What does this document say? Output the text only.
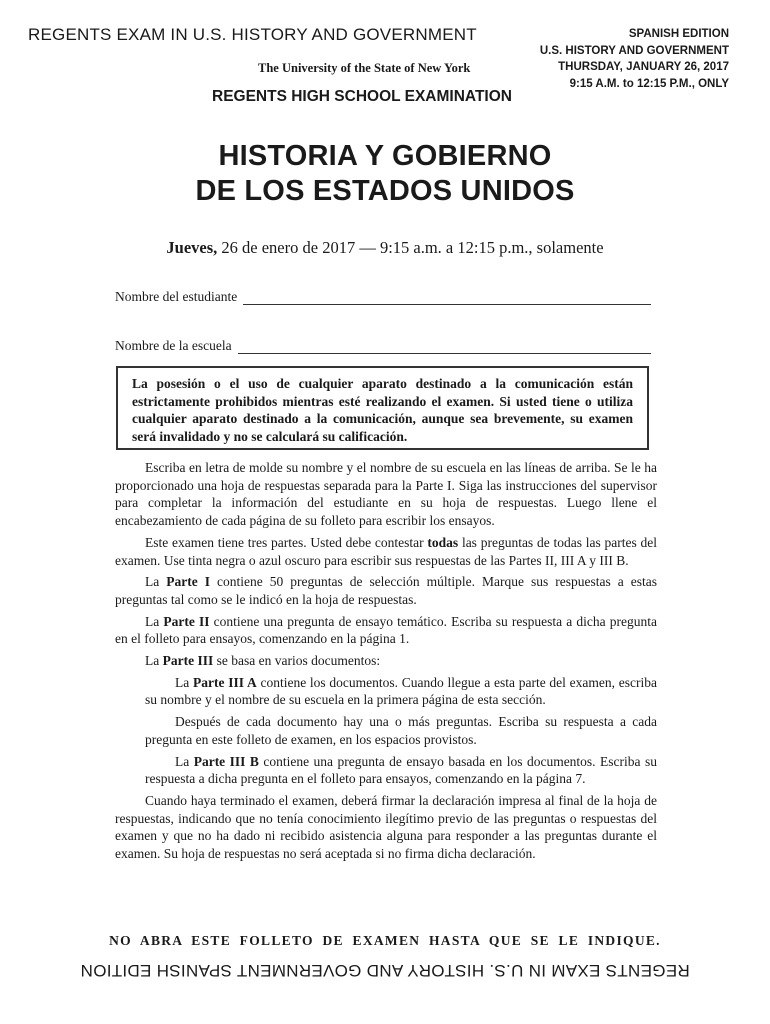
REGENTS EXAM IN U.S. HISTORY AND GOVERNMENT	SPANISH EDITION
U.S. HISTORY AND GOVERNMENT
THURSDAY, JANUARY 26, 2017
9:15 A.M. to 12:15 P.M., ONLY
The University of the State of New York
REGENTS HIGH SCHOOL EXAMINATION
HISTORIA Y GOBIERNO
DE LOS ESTADOS UNIDOS
Jueves, 26 de enero de 2017 — 9:15 a.m. a 12:15 p.m., solamente
Nombre del estudiante
Nombre de la escuela
La posesión o el uso de cualquier aparato destinado a la comunicación están estrictamente prohibidos mientras esté realizando el examen. Si usted tiene o utiliza cualquier aparato destinado a la comunicación, aunque sea brevemente, su examen será invalidado y no se calculará su calificación.

Escriba en letra de molde su nombre y el nombre de su escuela en las líneas de arriba. Se le ha proporcionado una hoja de respuestas separada para la Parte I. Siga las instrucciones del supervisor para completar la información del estudiante en su hoja de respuestas. Luego llene el encabezamiento de cada página de su folleto para escribir los ensayos.

Este examen tiene tres partes. Usted debe contestar todas las preguntas de todas las partes del examen. Use tinta negra o azul oscuro para escribir sus respuestas de las Partes II, III A y III B.

La Parte I contiene 50 preguntas de selección múltiple. Marque sus respuestas a estas preguntas tal como se le indicó en la hoja de respuestas.

La Parte II contiene una pregunta de ensayo temático. Escriba su respuesta a dicha pregunta en el folleto para ensayos, comenzando en la página 1.

La Parte III se basa en varios documentos:

La Parte III A contiene los documentos. Cuando llegue a esta parte del examen, escriba su nombre y el nombre de su escuela en la primera página de esta sección.

Después de cada documento hay una o más preguntas. Escriba su respuesta a cada pregunta en este folleto de examen, en los espacios provistos.

La Parte III B contiene una pregunta de ensayo basada en los documentos. Escriba su respuesta a dicha pregunta en el folleto para ensayos, comenzando en la página 7.

Cuando haya terminado el examen, deberá firmar la declaración impresa al final de la hoja de respuestas, indicando que no tenía conocimiento ilegítimo previo de las preguntas o respuestas del examen y que no ha dado ni recibido asistencia alguna para responder a las preguntas durante el examen. Su hoja de respuestas no será aceptada si no firma dicha declaración.

NO ABRA ESTE FOLLETO DE EXAMEN HASTA QUE SE LE INDIQUE.
REGENTS EXAM IN U.S. HISTORY AND GOVERNMENT SPANISH EDITION
